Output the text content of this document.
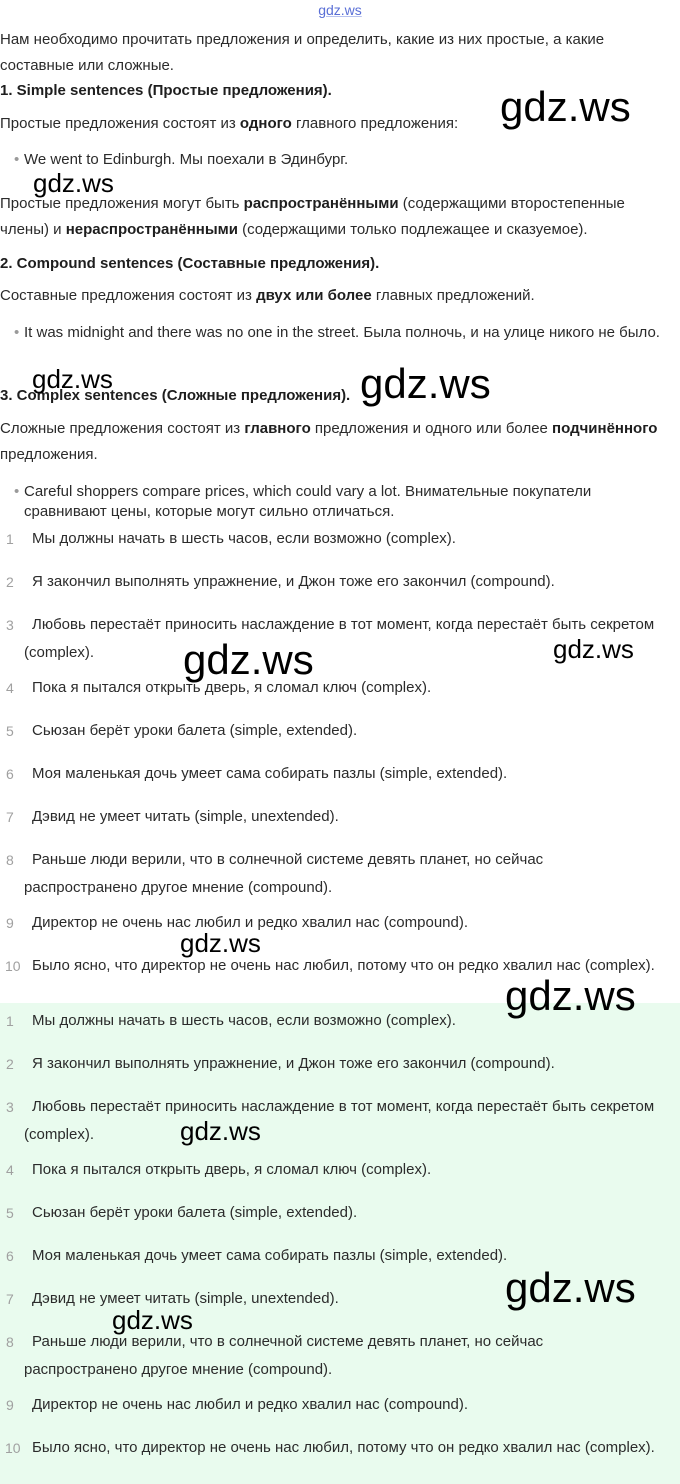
gdz.ws
Нам необходимо прочитать предложения и определить, какие из них простые, а какие составные или сложные.
1. Simple sentences (Простые предложения).
Простые предложения состоят из одного главного предложения:
• We went to Edinburgh. Мы поехали в Эдинбург.
Простые предложения могут быть распространёнными (содержащими второстепенные члены) и нераспространёнными (содержащими только подлежащее и сказуемое).
2. Compound sentences (Составные предложения).
Составные предложения состоят из двух или более главных предложений.
• It was midnight and there was no one in the street. Была полночь, и на улице никого не было.
3. Complex sentences (Сложные предложения).
Сложные предложения состоят из главного предложения и одного или более подчинённого предложения.
• Careful shoppers compare prices, which could vary a lot. Внимательные покупатели сравнивают цены, которые могут сильно отличаться.
1	Мы должны начать в шесть часов, если возможно (complex).
2	Я закончил выполнять упражнение, и Джон тоже его закончил (compound).
3	Любовь перестаёт приносить наслаждение в тот момент, когда перестаёт быть секретом (complex).
4	Пока я пытался открыть дверь, я сломал ключ (complex).
5	Сьюзан берёт уроки балета (simple, extended).
6	Моя маленькая дочь умеет сама собирать пазлы (simple, extended).
7	Дэвид не умеет читать (simple, unextended).
8	Раньше люди верили, что в солнечной системе девять планет, но сейчас распространено другое мнение (compound).
9	Директор не очень нас любил и редко хвалил нас (compound).
10 Было ясно, что директор не очень нас любил, потому что он редко хвалил нас (complex).
1	Мы должны начать в шесть часов, если возможно (complex).
2	Я закончил выполнять упражнение, и Джон тоже его закончил (compound).
3	Любовь перестаёт приносить наслаждение в тот момент, когда перестаёт быть секретом (complex).
4	Пока я пытался открыть дверь, я сломал ключ (complex).
5	Сьюзан берёт уроки балета (simple, extended).
6	Моя маленькая дочь умеет сама собирать пазлы (simple, extended).
7	Дэвид не умеет читать (simple, unextended).
8	Раньше люди верили, что в солнечной системе девять планет, но сейчас распространено другое мнение (compound).
9	Директор не очень нас любил и редко хвалил нас (compound).
10 Было ясно, что директор не очень нас любил, потому что он редко хвалил нас (complex).
gdz.ws
gdz.ws
gdz.ws	gdz.ws
gdz.ws	gdz.ws
gdz.ws
gdz.ws
gdz.ws
gdz.ws
gdz.ws
